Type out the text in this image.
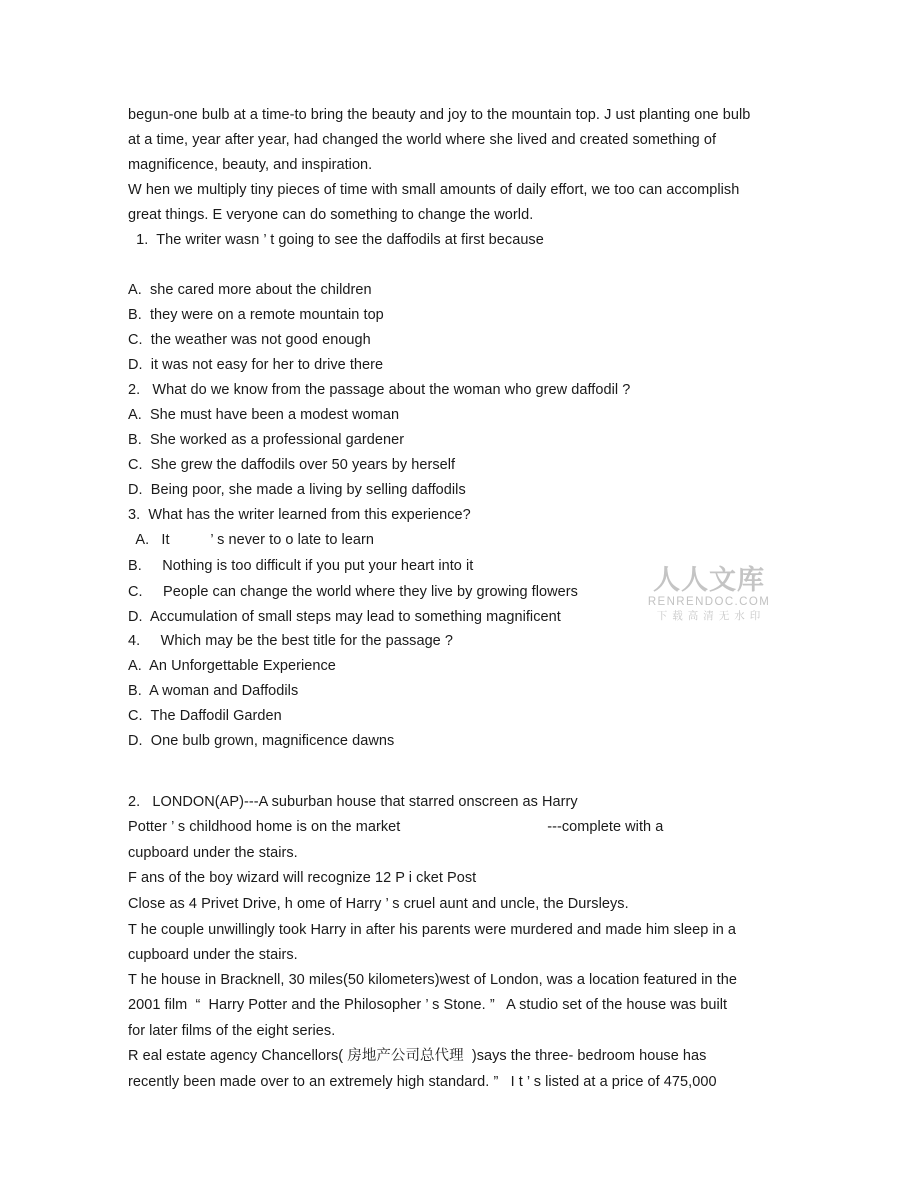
begun-one bulb at a time-to bring the beauty and joy to the mountain top. J ust planting one bulb
at a time, year after year, had changed the world where she lived and created something of
magnificence, beauty, and inspiration.
W hen we multiply tiny pieces of time with small amounts of daily effort, we too can accomplish
great things. E veryone can do something to change the world.
1.  The writer wasn ’ t going to see the daffodils at first because
A.  she cared more about the children
B.  they were on a remote mountain top
C.  the weather was not good enough
D.  it was not easy for her to drive there
2.   What do we know from the passage about the woman who grew daffodil ?
A.  She must have been a modest woman
B.  She worked as a professional gardener
C.  She grew the daffodils over 50 years by herself
D.  Being poor, she made a living by selling daffodils
3.  What has the writer learned from this experience?
A.   It          ’ s never to o late to learn
B.     Nothing is too difficult if you put your heart into it
C.     People can change the world where they live by growing flowers
D.  Accumulation of small steps may lead to something magnificent
4.     Which may be the best title for the passage ?
A.  An Unforgettable Experience
B.  A woman and Daffodils
C.  The Daffodil Garden
D.  One bulb grown, magnificence dawns
2.   LONDON(AP)---A suburban house that starred onscreen as Harry
Potter ’ s childhood home is on the market                                    ---complete with a
cupboard under the stairs.
F ans of the boy wizard will recognize 12 P i cket Post
Close as 4 Privet Drive, h ome of Harry ’ s cruel aunt and uncle, the Dursleys.
T he couple unwillingly took Harry in after his parents were murdered and made him sleep in a
cupboard under the stairs.
T he house in Bracknell, 30 miles(50 kilometers)west of London, was a location featured in the
2001 film  “  Harry Potter and the Philosopher ’ s Stone. ”   A studio set of the house was built
for later films of the eight series.
R eal estate agency Chancellors( 房地产公司总代理  )says the three- bedroom house has
recently been made over to an extremely high standard. ”   I t ’ s listed at a price of 475,000
人人文库
RENRENDOC.COM
下载高清无水印
